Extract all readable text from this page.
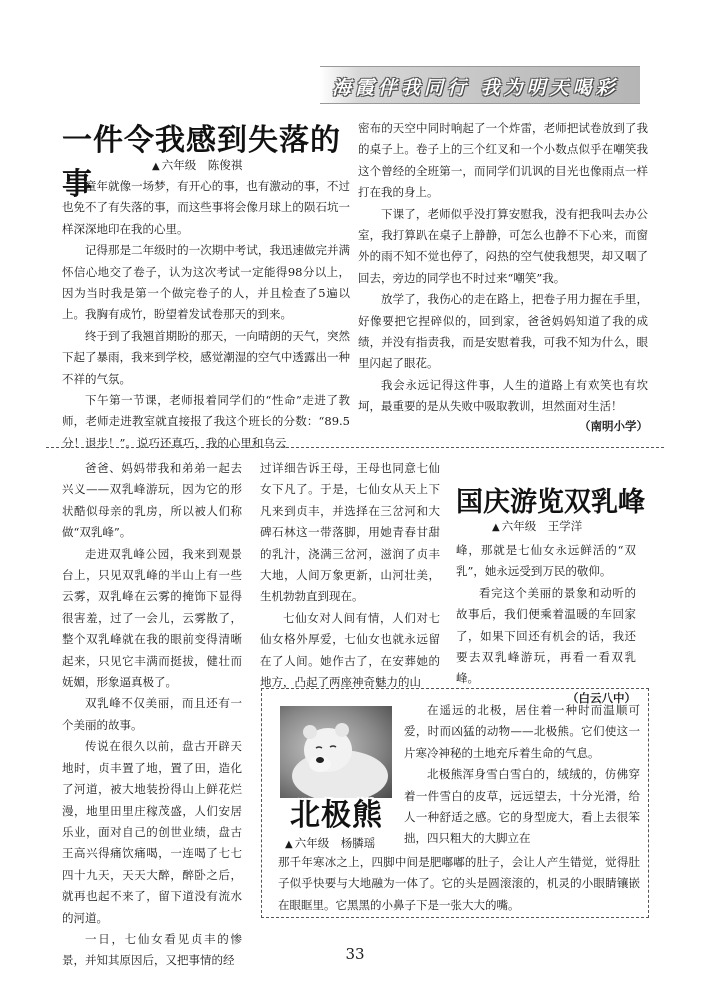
海霞伴我同行 我为明天喝彩
一件令我感到失落的事
▲ 六年级　陈俊祺

童年就像一场梦，有开心的事，也有激动的事，不过也免不了有失落的事，而这些事将会像月球上的陨石坑一样深深地印在我的心里。

记得那是二年级时的一次期中考试，我迅速做完并满怀信心地交了卷子，认为这次考试一定能得98分以上，因为当时我是第一个做完卷子的人，并且检查了5遍以上。我胸有成竹，盼望着发试卷那天的到来。

终于到了我翘首期盼的那天，一向晴朗的天气，突然下起了暴雨，我来到学校，感觉潮湿的空气中透露出一种不祥的气氛。

下午第一节课，老师报着同学们的“性命”走进了教师，老师走进教室就直接报了我这个班长的分数：“89.5分！退步！”。说巧还真巧，我的心里和乌云

密布的天空中同时响起了一个炸雷，老师把试卷放到了我的桌子上。卷子上的三个红叉和一个小数点似乎在嘲笑我这个曾经的全班第一，而同学们讥讽的目光也像雨点一样打在我的身上。

下课了，老师似乎没打算安慰我，没有把我叫去办公室，我打算趴在桌子上静静，可怎么也静不下心来，而窗外的雨不知不觉也停了，闷热的空气使我想哭，却又咽了回去，旁边的同学也不时过来“嘲笑”我。

放学了，我伤心的走在路上，把卷子用力握在手里，好像要把它捏碎似的，回到家，爸爸妈妈知道了我的成绩，并没有指责我，而是安慰着我，可我不知为什么，眼里闪起了眼花。

我会永远记得这件事，人生的道路上有欢笑也有坎坷，最重要的是从失败中吸取教训，坦然面对生活！

（南明小学）

爸爸、妈妈带我和弟弟一起去兴义——双乳峰游玩，因为它的形状酷似母亲的乳房，所以被人们称做“双乳峰”。

走进双乳峰公园，我来到观景台上，只见双乳峰的半山上有一些云雾，双乳峰在云雾的掩饰下显得很害羞，过了一会儿，云雾散了，整个双乳峰就在我的眼前变得清晰起来，只见它丰满而挺拔，健壮而妩媚，形象逼真极了。

双乳峰不仅美丽，而且还有一个美丽的故事。

传说在很久以前，盘古开辟天地时，贞丰置了地，置了田，造化了河道，被大地装扮得山上鲜花烂漫，地里田里庄稼茂盛，人们安居乐业，面对自己的创世业绩，盘古王高兴得痛饮痛喝，一连喝了七七四十九天，天天大醉，醉卧之后，就再也起不来了，留下道没有流水的河道。

一日，七仙女看见贞丰的惨景，并知其原因后，又把事情的经

过详细告诉王母，王母也同意七仙女下凡了。于是，七仙女从天上下凡来到贞丰，并选择在三岔河和大碑石林这一带落脚，用她青春甘甜的乳汁，浇满三岔河，滋润了贞丰大地，人间万象更新，山河壮美，生机勃勃直到现在。

七仙女对人间有情，人们对七仙女格外厚爱，七仙女也就永远留在了人间。她作古了，在安葬她的地方，凸起了两座神奇魅力的山

国庆游览双乳峰
▲ 六年级　王学洋

峰，那就是七仙女永远鲜活的“双乳”，她永远受到万民的敬仰。

看完这个美丽的景象和动听的故事后，我们便乘着温暖的车回家了，如果下回还有机会的话，我还要去双乳峰游玩，再看一看双乳峰。

（白云八中）
北极熊
▲ 六年级　杨膦瑶

在遥远的北极，居住着一种时而温顺可爱，时而凶猛的动物——北极熊。它们使这一片寒冷神秘的土地充斥着生命的气息。

北极熊浑身雪白雪白的，绒绒的，仿佛穿着一件雪白的皮草，远远望去，十分光滑，给人一种舒适之感。它的身型庞大，看上去很笨拙，四只粗大的大脚立在

那千年寒冰之上，四脚中间是肥嘟嘟的肚子，会让人产生错觉，觉得肚子似乎快要与大地融为一体了。它的头是圆滚滚的，机灵的小眼睛镶嵌在眼眶里。它黑黑的小鼻子下是一张大大的嘴。

33
